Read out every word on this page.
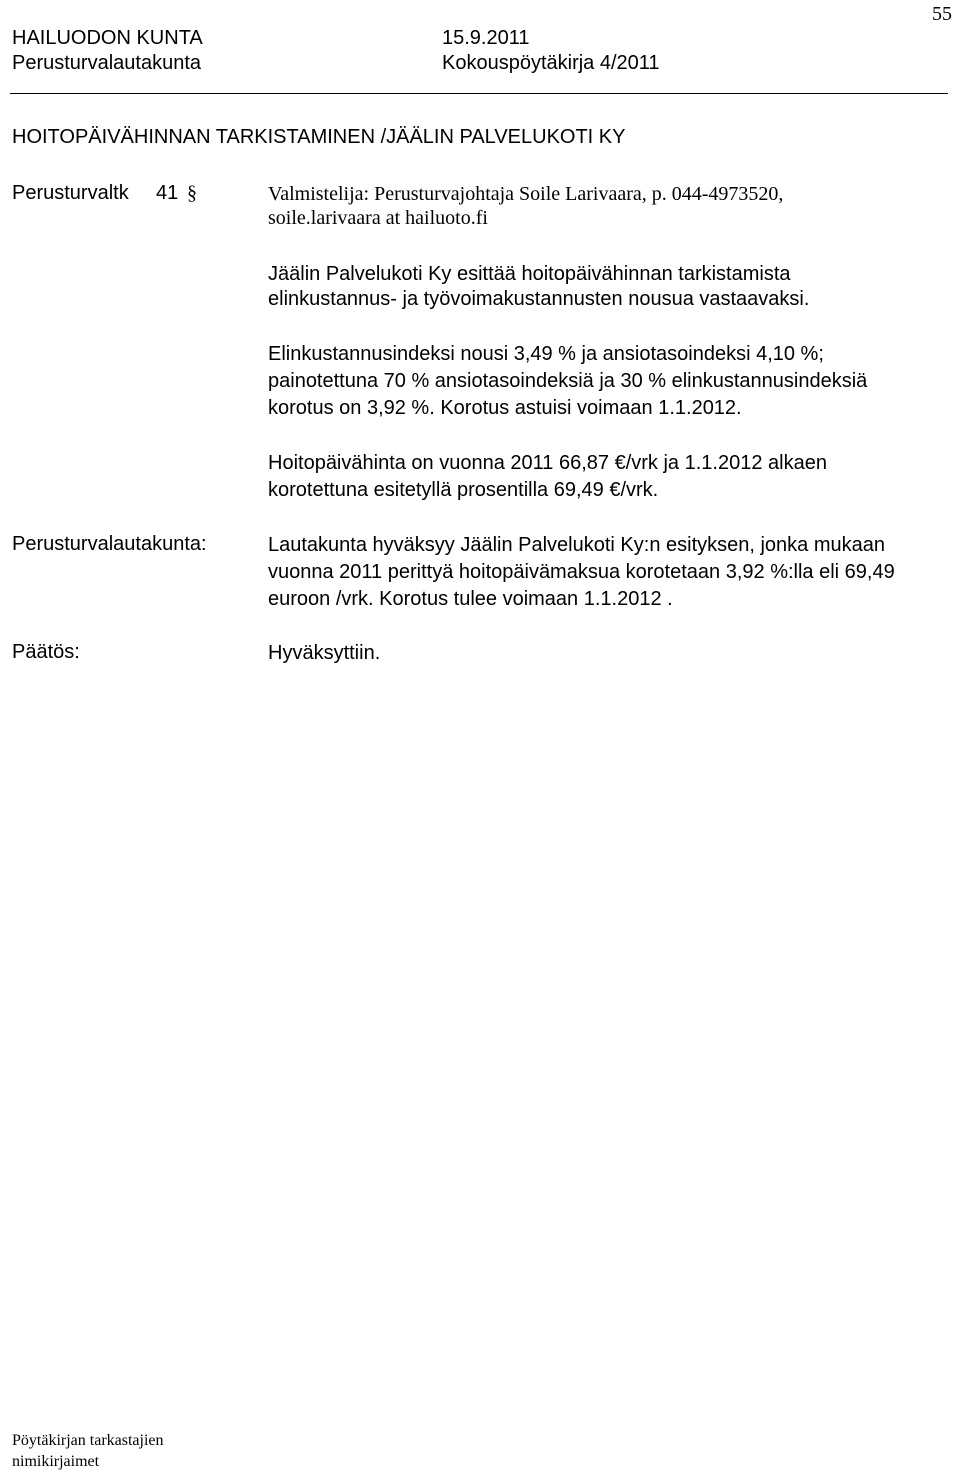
55
HAILUODON KUNTA	15.9.2011
Perusturvalautakunta	Kokouspöytäkirja 4/2011
HOITOPÄIVÄHINNAN TARKISTAMINEN /JÄÄLIN PALVELUKOTI KY
Perusturvaltk 41 §	Valmistelija: Perusturvajohtaja Soile Larivaara, p. 044-4973520,
soile.larivaara at hailuoto.fi
Jäälin Palvelukoti Ky esittää hoitopäivähinnan tarkistamista
elinkustannus- ja työvoimakustannusten nousua vastaavaksi.
Elinkustannusindeksi nousi 3,49 % ja ansiotasoindeksi 4,10 %;
painotettuna 70 % ansiotasoindeksiä ja 30 % elinkustannusindeksiä
korotus on 3,92 %. Korotus astuisi voimaan 1.1.2012.
Hoitopäivähinta on vuonna 2011 66,87 €/vrk ja 1.1.2012 alkaen
korotettuna esitetyllä prosentilla 69,49 €/vrk.
Perusturvalautakunta:	Lautakunta hyväksyy Jäälin Palvelukoti Ky:n esityksen, jonka mukaan
vuonna 2011 perittyä hoitopäivämaksua korotetaan 3,92 %:lla eli 69,49
euroon /vrk. Korotus tulee voimaan 1.1.2012 .
Päätös:	Hyväksyttiin.
Pöytäkirjan tarkastajien
nimikirjaimet
